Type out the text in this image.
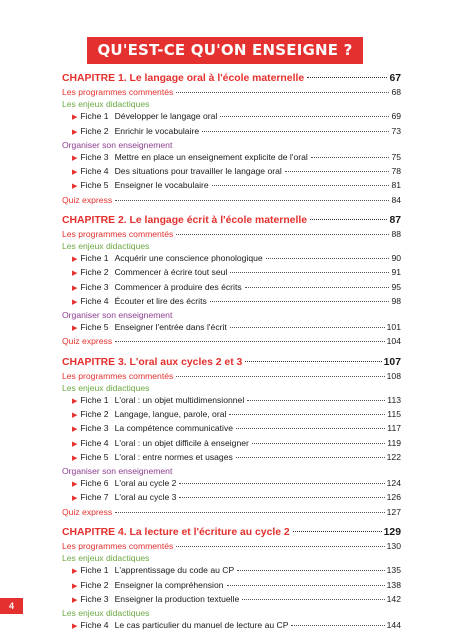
QU'EST-CE QU'ON ENSEIGNE ?
CHAPITRE 1. Le langage oral à l'école maternelle	67
Les programmes commentés	68
Les enjeux didactiques
▶ Fiche 1 Développer le langage oral	69
▶ Fiche 2 Enrichir le vocabulaire	73
Organiser son enseignement
▶ Fiche 3 Mettre en place un enseignement explicite de l'oral	75
▶ Fiche 4 Des situations pour travailler le langage oral	78
▶ Fiche 5 Enseigner le vocabulaire	81
Quiz express	84
CHAPITRE 2. Le langage écrit à l'école maternelle	87
Les programmes commentés	88
Les enjeux didactiques
▶ Fiche 1 Acquérir une conscience phonologique	90
▶ Fiche 2 Commencer à écrire tout seul	91
▶ Fiche 3 Commencer à produire des écrits	95
▶ Fiche 4 Écouter et lire des écrits	98
Organiser son enseignement
▶ Fiche 5 Enseigner l'entrée dans l'écrit	101
Quiz express	104
CHAPITRE 3. L'oral aux cycles 2 et 3	107
Les programmes commentés	108
Les enjeux didactiques
▶ Fiche 1 L'oral : un objet multidimensionnel	113
▶ Fiche 2 Langage, langue, parole, oral	115
▶ Fiche 3 La compétence communicative	117
▶ Fiche 4 L'oral : un objet difficile à enseigner	119
▶ Fiche 5 L'oral : entre normes et usages	122
Organiser son enseignement
▶ Fiche 6 L'oral au cycle 2	124
▶ Fiche 7 L'oral au cycle 3	126
Quiz express	127
CHAPITRE 4. La lecture et l'écriture au cycle 2	129
Les programmes commentés	130
Les enjeux didactiques
▶ Fiche 1 L'apprentissage du code au CP	135
▶ Fiche 2 Enseigner la compréhension	138
▶ Fiche 3 Enseigner la production textuelle	142
Les enjeux didactiques
▶ Fiche 4 Le cas particulier du manuel de lecture au CP	144
4
